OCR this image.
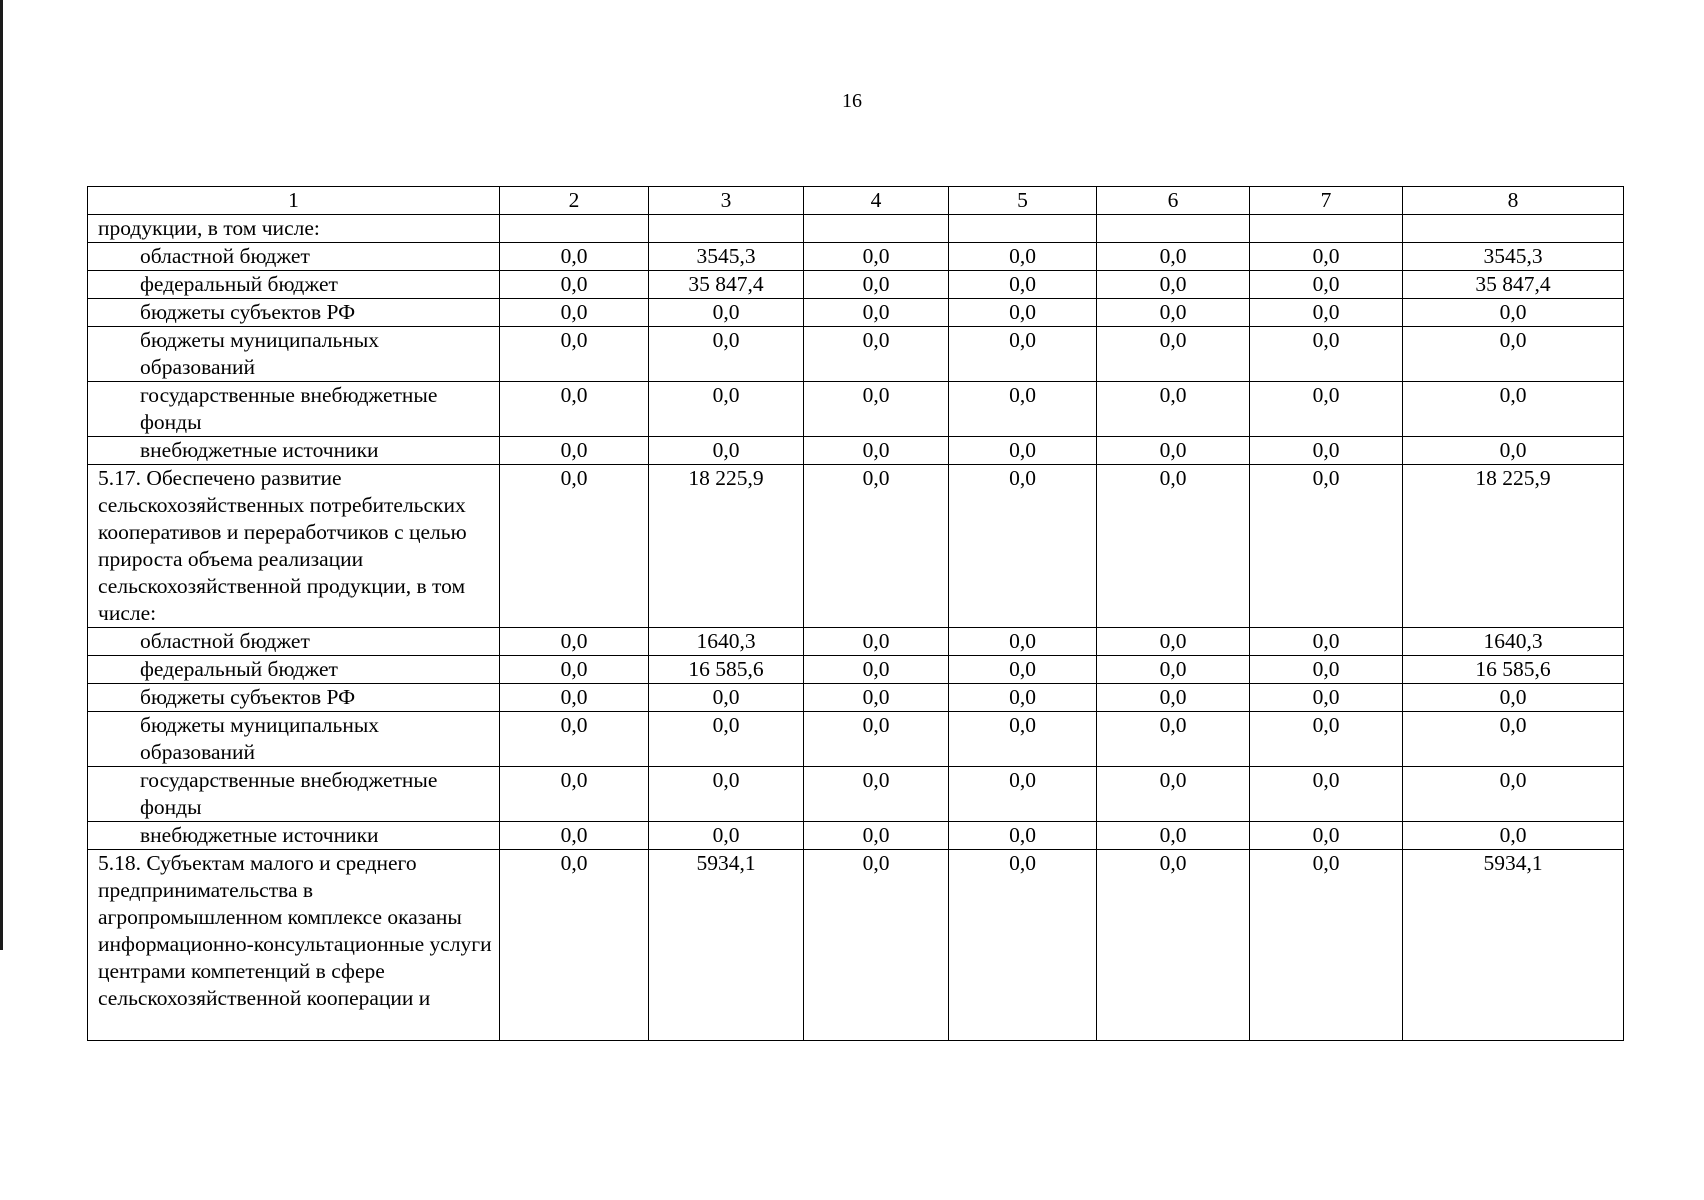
16
1	2	3	4	5	6	7	8
продукции, в том числе:							
областной бюджет	0,0	3545,3	0,0	0,0	0,0	0,0	3545,3
федеральный бюджет	0,0	35 847,4	0,0	0,0	0,0	0,0	35 847,4
бюджеты субъектов РФ	0,0	0,0	0,0	0,0	0,0	0,0	0,0
бюджеты муниципальных образований	0,0	0,0	0,0	0,0	0,0	0,0	0,0
государственные внебюджетные фонды	0,0	0,0	0,0	0,0	0,0	0,0	0,0
внебюджетные источники	0,0	0,0	0,0	0,0	0,0	0,0	0,0
5.17. Обеспечено развитие сельскохозяйственных потребительских кооперативов и переработчиков с целью прироста объема реализации сельскохозяйственной продукции, в том числе:	0,0	18 225,9	0,0	0,0	0,0	0,0	18 225,9
областной бюджет	0,0	1640,3	0,0	0,0	0,0	0,0	1640,3
федеральный бюджет	0,0	16 585,6	0,0	0,0	0,0	0,0	16 585,6
бюджеты субъектов РФ	0,0	0,0	0,0	0,0	0,0	0,0	0,0
бюджеты муниципальных образований	0,0	0,0	0,0	0,0	0,0	0,0	0,0
государственные внебюджетные фонды	0,0	0,0	0,0	0,0	0,0	0,0	0,0
внебюджетные источники	0,0	0,0	0,0	0,0	0,0	0,0	0,0
5.18. Субъектам малого и среднего предпринимательства в агропромышленном комплексе оказаны информационно-консультационные услуги центрами компетенций в сфере сельскохозяйственной кооперации и	0,0	5934,1	0,0	0,0	0,0	0,0	5934,1
